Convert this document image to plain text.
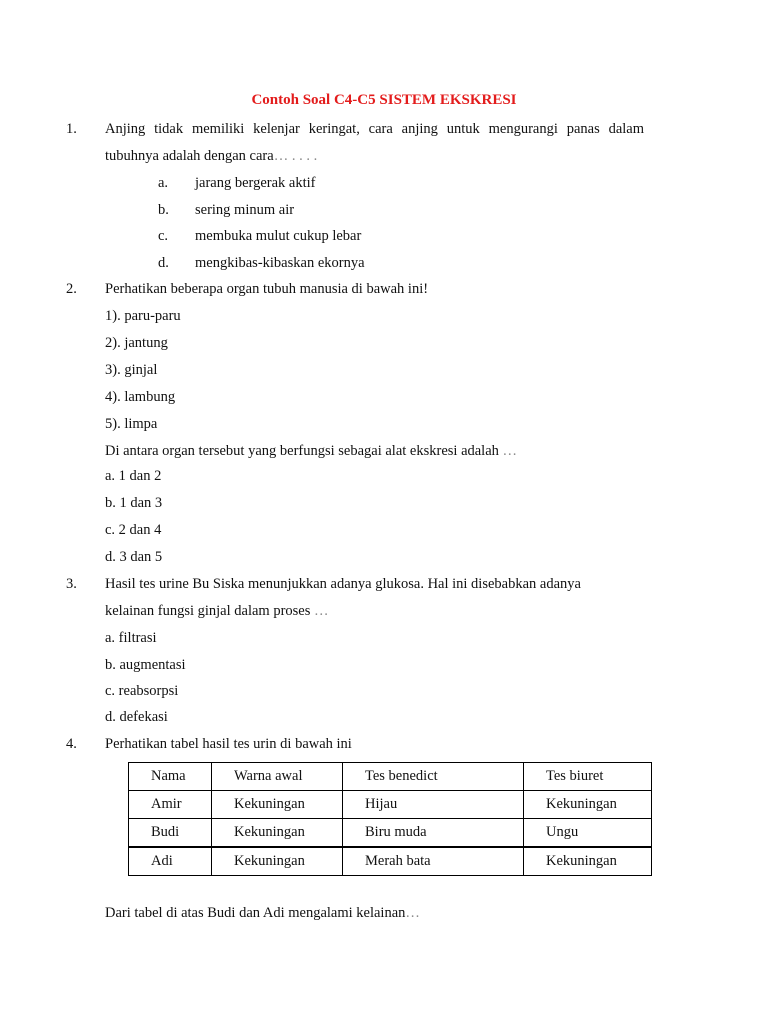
Contoh Soal C4-C5 SISTEM EKSKRESI
1. Anjing tidak memiliki kelenjar keringat, cara anjing untuk mengurangi panas dalam
tubuhnya adalah dengan cara… . . . .
a. jarang bergerak aktif
b. sering minum air
c. membuka mulut cukup lebar
d. mengkibas-kibaskan ekornya
2. Perhatikan beberapa organ tubuh manusia di bawah ini!
1). paru-paru
2). jantung
3). ginjal
4). lambung
5). limpa
Di antara organ tersebut yang berfungsi sebagai alat ekskresi adalah …
a. 1 dan 2
b. 1 dan 3
c. 2 dan 4
d. 3 dan 5
3. Hasil tes urine Bu Siska menunjukkan adanya glukosa. Hal ini disebabkan adanya
kelainan fungsi ginjal dalam proses …
a. filtrasi
b. augmentasi
c. reabsorpsi
d. defekasi
4. Perhatikan tabel hasil tes urin di bawah ini
Nama	Warna awal	Tes benedict	Tes biuret
Amir	Kekuningan	Hijau	Kekuningan
Budi	Kekuningan	Biru muda	Ungu
Adi	Kekuningan	Merah bata	Kekuningan
Dari tabel di atas Budi dan Adi mengalami kelainan…
